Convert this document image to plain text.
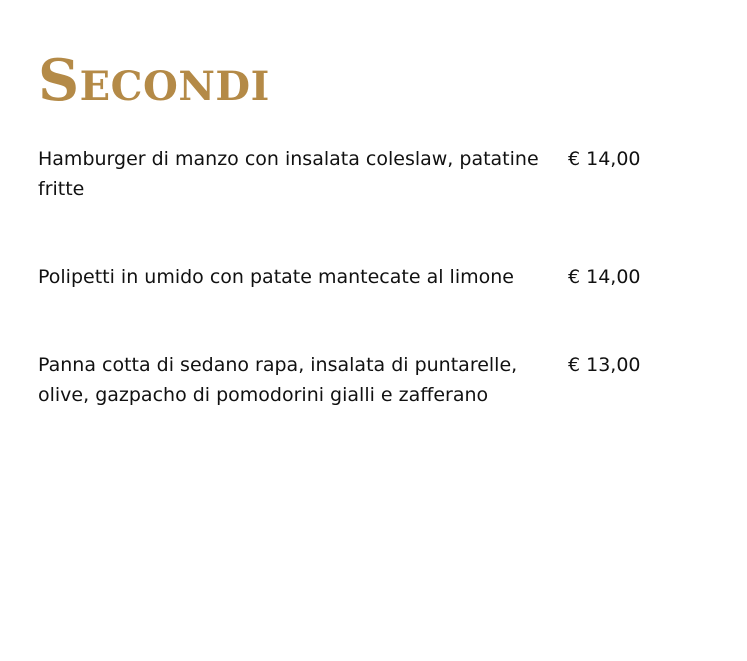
Secondi
Hamburger di manzo con insalata coleslaw, patatine fritte
€ 14,00
Polipetti in umido con patate mantecate al limone	€ 14,00
Panna cotta di sedano rapa, insalata di puntarelle, olive, gazpacho di pomodorini gialli e zafferano
€ 13,00
